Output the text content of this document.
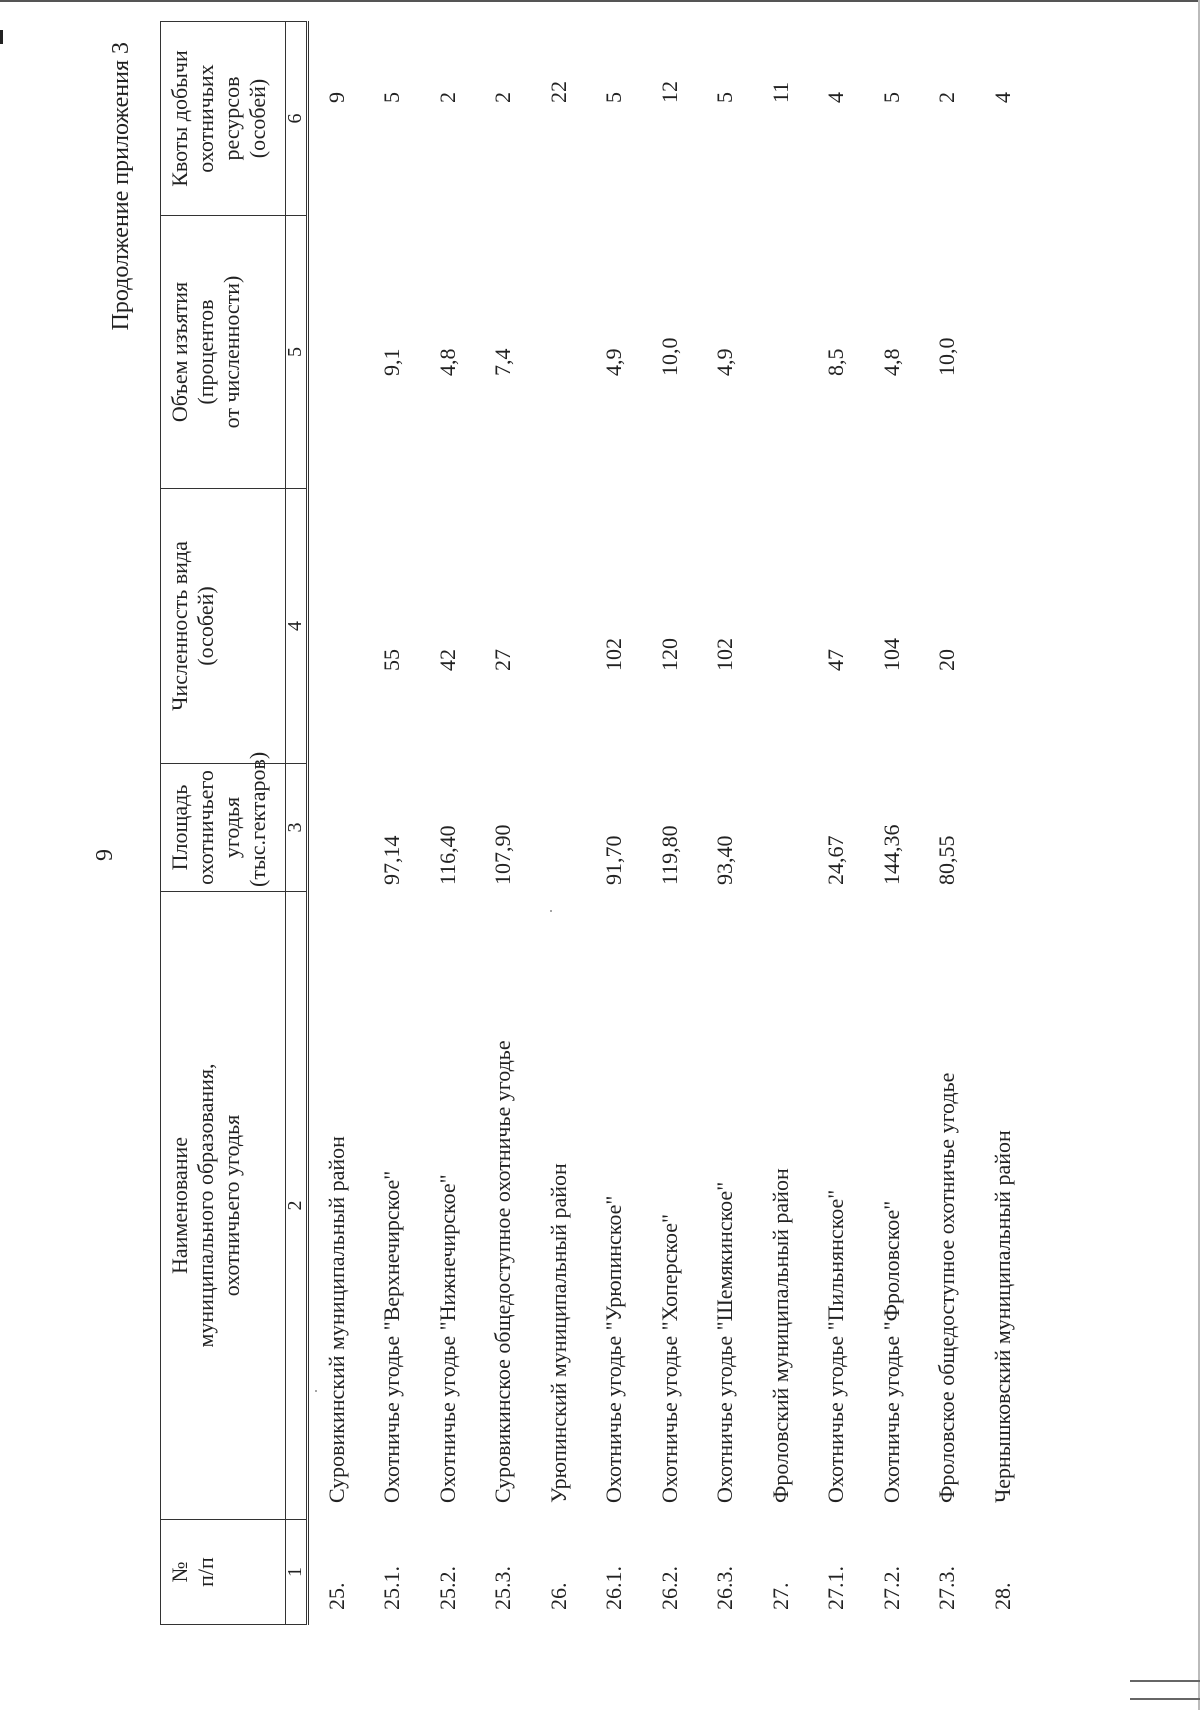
9
Продолжение приложения 3
№
п/п	Наименование
муниципального образования,
охотничьего угодья	Площадь
охотничьего
угодья
(тыс.гектаров)	Численность вида
(особей)	Объем изъятия
(процентов
от численности)	Квоты добычи
охотничьих
ресурсов
(особей)
1	2	3	4	5	6
25.	Суровикинский муниципальный район				9
25.1.	Охотничье угодье "Верхнечирское"	97,14	55	9,1	5
25.2.	Охотничье угодье "Нижнечирское"	116,40	42	4,8	2
25.3.	Суровикинское общедоступное охотничье угодье	107,90	27	7,4	2
26.	Урюпинский муниципальный район				22
26.1.	Охотничье угодье "Урюпинское"	91,70	102	4,9	5
26.2.	Охотничье угодье "Хоперское"	119,80	120	10,0	12
26.3.	Охотничье угодье "Шемякинское"	93,40	102	4,9	5
27.	Фроловский муниципальный район				11
27.1.	Охотничье угодье "Пильнянское"	24,67	47	8,5	4
27.2.	Охотничье угодье "Фроловское"	144,36	104	4,8	5
27.3.	Фроловское общедоступное охотничье угодье	80,55	20	10,0	2
28.	Чернышковский муниципальный район				4
